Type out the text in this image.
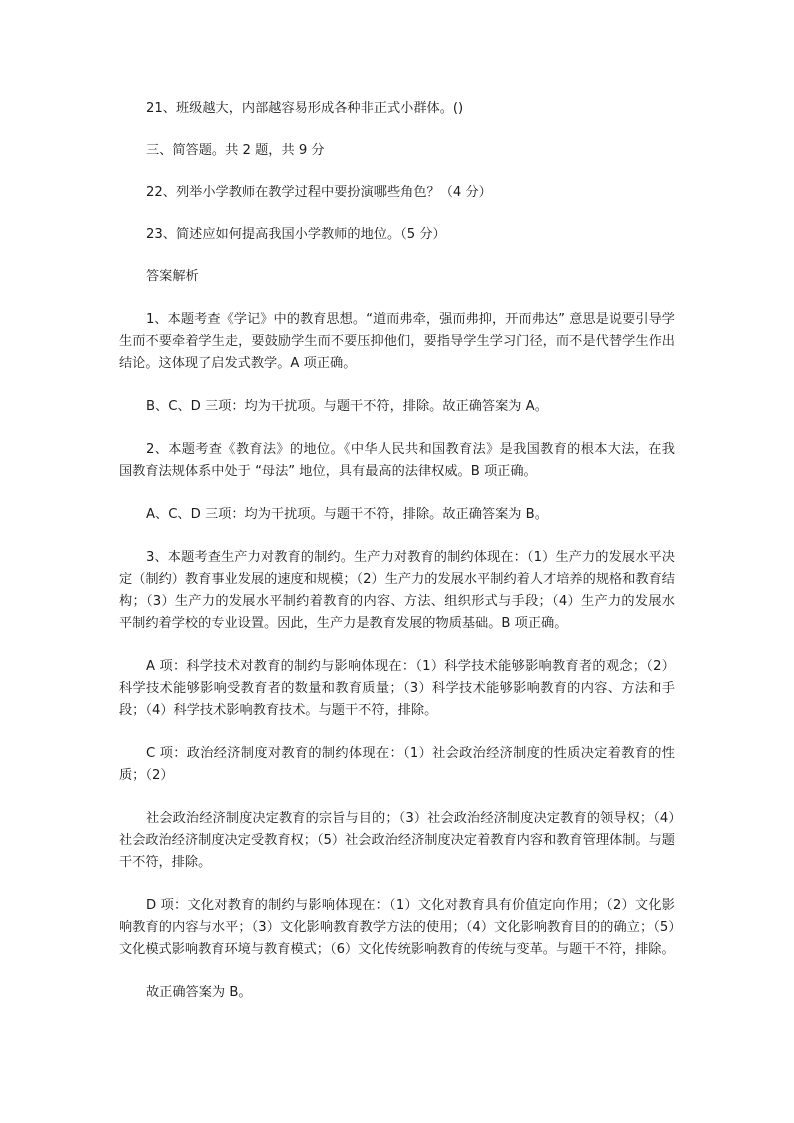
21、班级越大，内部越容易形成各种非正式小群体。()

三、简答题。共 2 题，共 9 分

22、列举小学教师在教学过程中要扮演哪些角色？（4 分）

23、简述应如何提高我国小学教师的地位。（5 分）

答案解析

1、本题考查《学记》中的教育思想。“道而弗牵，强而弗抑，开而弗达” 意思是说要引导学生而不要牵着学生走，要鼓励学生而不要压抑他们，要指导学生学习门径，而不是代替学生作出结论。这体现了启发式教学。A 项正确。

B、C、D 三项：均为干扰项。与题干不符，排除。故正确答案为 A。

2、本题考查《教育法》的地位。《中华人民共和国教育法》是我国教育的根本大法，在我国教育法规体系中处于 “母法” 地位，具有最高的法律权威。B 项正确。

A、C、D 三项：均为干扰项。与题干不符，排除。故正确答案为 B。

3、本题考查生产力对教育的制约。生产力对教育的制约体现在：（1）生产力的发展水平决定（制约）教育事业发展的速度和规模；（2）生产力的发展水平制约着人才培养的规格和教育结构；（3）生产力的发展水平制约着教育的内容、方法、组织形式与手段；（4）生产力的发展水平制约着学校的专业设置。因此，生产力是教育发展的物质基础。B 项正确。

A 项：科学技术对教育的制约与影响体现在：（1）科学技术能够影响教育者的观念；（2）科学技术能够影响受教育者的数量和教育质量；（3）科学技术能够影响教育的内容、方法和手段；（4）科学技术影响教育技术。与题干不符，排除。

C 项：政治经济制度对教育的制约体现在：（1）社会政治经济制度的性质决定着教育的性质；（2）

社会政治经济制度决定教育的宗旨与目的；（3）社会政治经济制度决定教育的领导权；（4）社会政治经济制度决定受教育权；（5）社会政治经济制度决定着教育内容和教育管理体制。与题干不符，排除。

D 项：文化对教育的制约与影响体现在：（1）文化对教育具有价值定向作用；（2）文化影响教育的内容与水平；（3）文化影响教育教学方法的使用；（4）文化影响教育目的的确立；（5）文化模式影响教育环境与教育模式；（6）文化传统影响教育的传统与变革。与题干不符，排除。

故正确答案为 B。
